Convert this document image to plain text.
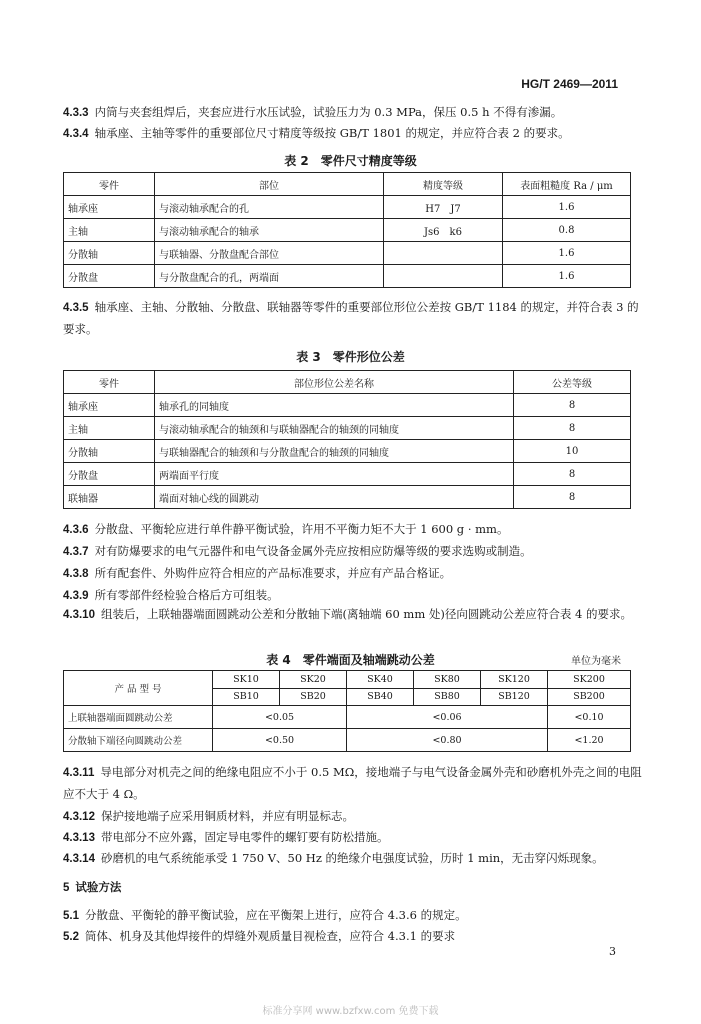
HG/T 2469—2011
4.3.3 内筒与夹套组焊后，夹套应进行水压试验，试验压力为 0.3 MPa，保压 0.5 h 不得有渗漏。
4.3.4 轴承座、主轴等零件的重要部位尺寸精度等级按 GB/T 1801 的规定，并应符合表 2 的要求。
表 2　零件尺寸精度等级
零件	部位	精度等级	表面粗糙度 Ra / μm
轴承座	与滚动轴承配合的孔	H7　J7	1.6
主轴	与滚动轴承配合的轴承	Js6　k6	0.8
分散轴	与联轴器、分散盘配合部位		1.6
分散盘	与分散盘配合的孔，两端面		1.6
4.3.5 轴承座、主轴、分散轴、分散盘、联轴器等零件的重要部位形位公差按 GB/T 1184 的规定，并符合表 3 的要求。
表 3　零件形位公差
零件	部位形位公差名称	公差等级
轴承座	轴承孔的同轴度	8
主轴	与滚动轴承配合的轴颈和与联轴器配合的轴颈的同轴度	8
分散轴	与联轴器配合的轴颈和与分散盘配合的轴颈的同轴度	10
分散盘	两端面平行度	8
联轴器	端面对轴心线的圆跳动	8
4.3.6 分散盘、平衡轮应进行单件静平衡试验，许用不平衡力矩不大于 1 600 g · mm。
4.3.7 对有防爆要求的电气元器件和电气设备金属外壳应按相应防爆等级的要求选购或制造。
4.3.8 所有配套件、外购件应符合相应的产品标准要求，并应有产品合格证。
4.3.9 所有零部件经检验合格后方可组装。
4.3.10 组装后，上联轴器端面圆跳动公差和分散轴下端(离轴端 60 mm 处)径向圆跳动公差应符合表 4 的要求。
表 4　零件端面及轴端跳动公差	单位为毫米
产 品 型 号	SK10	SK20	SK40	SK80	SK120	SK200
	SB10	SB20	SB40	SB80	SB120	SB200
上联轴器端面圆跳动公差	<0.05		<0.06			<0.10
分散轴下端径向圆跳动公差	<0.50		<0.80			<1.20
4.3.11 导电部分对机壳之间的绝缘电阻应不小于 0.5 MΩ，接地端子与电气设备金属外壳和砂磨机外壳之间的电阻应不大于 4 Ω。
4.3.12 保护接地端子应采用铜质材料，并应有明显标志。
4.3.13 带电部分不应外露，固定导电零件的螺钉要有防松措施。
4.3.14 砂磨机的电气系统能承受 1 750 V、50 Hz 的绝缘介电强度试验，历时 1 min，无击穿闪烁现象。
5 试验方法
5.1 分散盘、平衡轮的静平衡试验，应在平衡架上进行，应符合 4.3.6 的规定。
5.2 筒体、机身及其他焊接件的焊缝外观质量目视检查，应符合 4.3.1 的要求
3
标准分享网 www.bzfxw.com 免费下载
